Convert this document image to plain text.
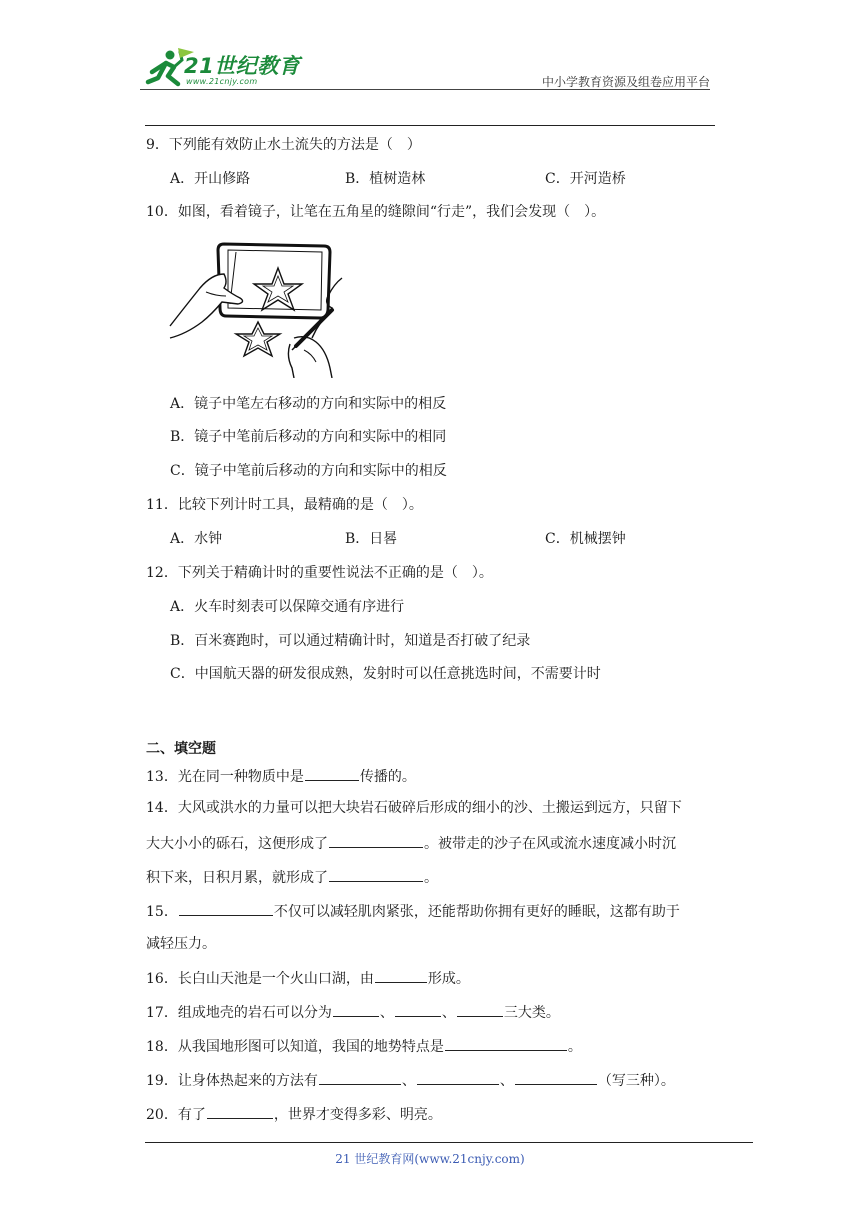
21世纪教育
www.21cnjy.com	中小学教育资源及组卷应用平台
9．下列能有效防止水土流失的方法是（　）
A．开山修路	B．植树造林	C．开河造桥
10．如图，看着镜子，让笔在五角星的缝隙间“行走”，我们会发现（　）。
A．镜子中笔左右移动的方向和实际中的相反
B．镜子中笔前后移动的方向和实际中的相同
C．镜子中笔前后移动的方向和实际中的相反
11．比较下列计时工具，最精确的是（　）。
A．水钟	B．日晷	C．机械摆钟
12．下列关于精确计时的重要性说法不正确的是（　）。
A．火车时刻表可以保障交通有序进行
B．百米赛跑时，可以通过精确计时，知道是否打破了纪录
C．中国航天器的研发很成熟，发射时可以任意挑选时间，不需要计时
二、填空题
13．光在同一种物质中是	传播的。
14．大风或洪水的力量可以把大块岩石破碎后形成的细小的沙、土搬运到远方，只留下
大大小小的砾石，这便形成了	。被带走的沙子在风或流水速度减小时沉
积下来，日积月累，就形成了	。
15．	不仅可以减轻肌肉紧张，还能帮助你拥有更好的睡眠，这都有助于
减轻压力。
16．长白山天池是一个火山口湖，由	形成。
17．组成地壳的岩石可以分为	、	、	三大类。
18．从我国地形图可以知道，我国的地势特点是	。
19．让身体热起来的方法有	、	、	（写三种）。
20．有了	，世界才变得多彩、明亮。
21 世纪教育网(www.21cnjy.com)
